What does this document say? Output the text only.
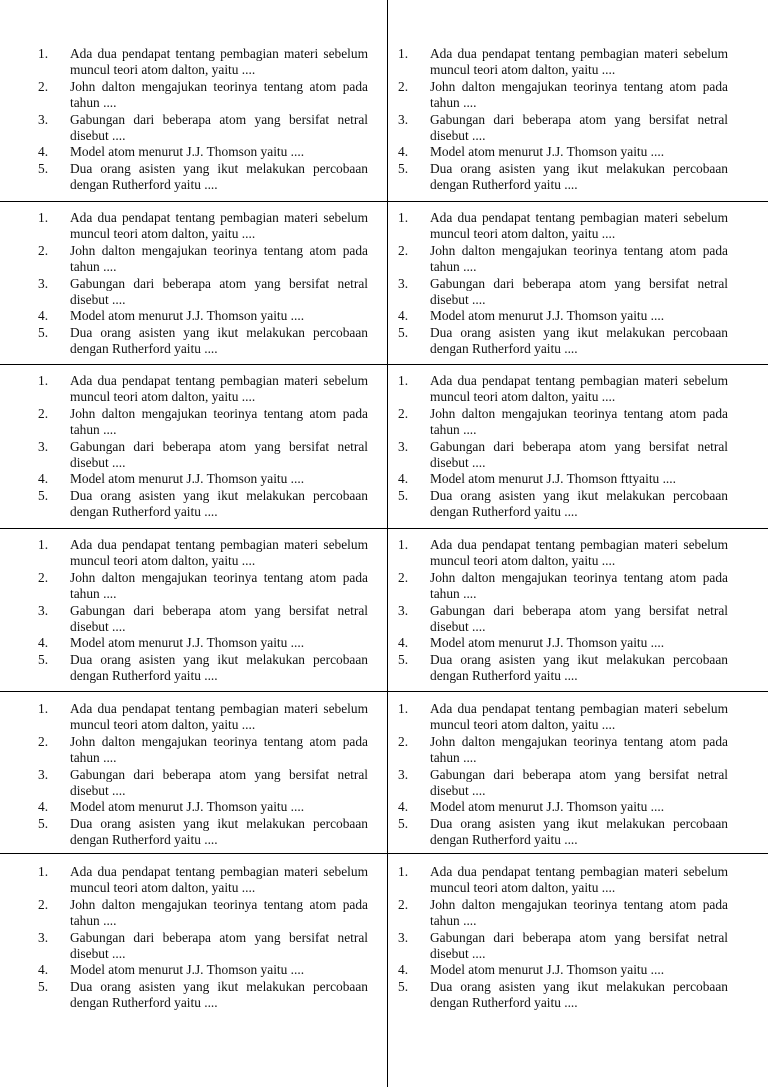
1.	Ada dua pendapat tentang pembagian materi sebelum muncul teori atom dalton, yaitu ....
2.	John dalton mengajukan teorinya tentang atom pada tahun ....
3.	Gabungan dari beberapa atom yang bersifat netral disebut ....
4.	Model atom menurut J.J. Thomson yaitu ....
5.	Dua orang asisten yang ikut melakukan percobaan dengan Rutherford yaitu ....
1.	Ada dua pendapat tentang pembagian materi sebelum muncul teori atom dalton, yaitu ....
2.	John dalton mengajukan teorinya tentang atom pada tahun ....
3.	Gabungan dari beberapa atom yang bersifat netral disebut ....
4.	Model atom menurut J.J. Thomson yaitu ....
5.	Dua orang asisten yang ikut melakukan percobaan dengan Rutherford yaitu ....
1.	Ada dua pendapat tentang pembagian materi sebelum muncul teori atom dalton, yaitu ....
2.	John dalton mengajukan teorinya tentang atom pada tahun ....
3.	Gabungan dari beberapa atom yang bersifat netral disebut ....
4.	Model atom menurut J.J. Thomson yaitu ....
5.	Dua orang asisten yang ikut melakukan percobaan dengan Rutherford yaitu ....
1.	Ada dua pendapat tentang pembagian materi sebelum muncul teori atom dalton, yaitu ....
2.	John dalton mengajukan teorinya tentang atom pada tahun ....
3.	Gabungan dari beberapa atom yang bersifat netral disebut ....
4.	Model atom menurut J.J. Thomson yaitu ....
5.	Dua orang asisten yang ikut melakukan percobaan dengan Rutherford yaitu ....
1.	Ada dua pendapat tentang pembagian materi sebelum muncul teori atom dalton, yaitu ....
2.	John dalton mengajukan teorinya tentang atom pada tahun ....
3.	Gabungan dari beberapa atom yang bersifat netral disebut ....
4.	Model atom menurut J.J. Thomson yaitu ....
5.	Dua orang asisten yang ikut melakukan percobaan dengan Rutherford yaitu ....
1.	Ada dua pendapat tentang pembagian materi sebelum muncul teori atom dalton, yaitu ....
2.	John dalton mengajukan teorinya tentang atom pada tahun ....
3.	Gabungan dari beberapa atom yang bersifat netral disebut ....
4.	Model atom menurut J.J. Thomson fttyaitu ....
5.	Dua orang asisten yang ikut melakukan percobaan dengan Rutherford yaitu ....
1.	Ada dua pendapat tentang pembagian materi sebelum muncul teori atom dalton, yaitu ....
2.	John dalton mengajukan teorinya tentang atom pada tahun ....
3.	Gabungan dari beberapa atom yang bersifat netral disebut ....
4.	Model atom menurut J.J. Thomson yaitu ....
5.	Dua orang asisten yang ikut melakukan percobaan dengan Rutherford yaitu ....
1.	Ada dua pendapat tentang pembagian materi sebelum muncul teori atom dalton, yaitu ....
2.	John dalton mengajukan teorinya tentang atom pada tahun ....
3.	Gabungan dari beberapa atom yang bersifat netral disebut ....
4.	Model atom menurut J.J. Thomson yaitu ....
5.	Dua orang asisten yang ikut melakukan percobaan dengan Rutherford yaitu ....
1.	Ada dua pendapat tentang pembagian materi sebelum muncul teori atom dalton, yaitu ....
2.	John dalton mengajukan teorinya tentang atom pada tahun ....
3.	Gabungan dari beberapa atom yang bersifat netral disebut ....
4.	Model atom menurut J.J. Thomson yaitu ....
5.	Dua orang asisten yang ikut melakukan percobaan dengan Rutherford yaitu ....
1.	Ada dua pendapat tentang pembagian materi sebelum muncul teori atom dalton, yaitu ....
2.	John dalton mengajukan teorinya tentang atom pada tahun ....
3.	Gabungan dari beberapa atom yang bersifat netral disebut ....
4.	Model atom menurut J.J. Thomson yaitu ....
5.	Dua orang asisten yang ikut melakukan percobaan dengan Rutherford yaitu ....
1.	Ada dua pendapat tentang pembagian materi sebelum muncul teori atom dalton, yaitu ....
2.	John dalton mengajukan teorinya tentang atom pada tahun ....
3.	Gabungan dari beberapa atom yang bersifat netral disebut ....
4.	Model atom menurut J.J. Thomson yaitu ....
5.	Dua orang asisten yang ikut melakukan percobaan dengan Rutherford yaitu ....
1.	Ada dua pendapat tentang pembagian materi sebelum muncul teori atom dalton, yaitu ....
2.	John dalton mengajukan teorinya tentang atom pada tahun ....
3.	Gabungan dari beberapa atom yang bersifat netral disebut ....
4.	Model atom menurut J.J. Thomson yaitu ....
5.	Dua orang asisten yang ikut melakukan percobaan dengan Rutherford yaitu ....
